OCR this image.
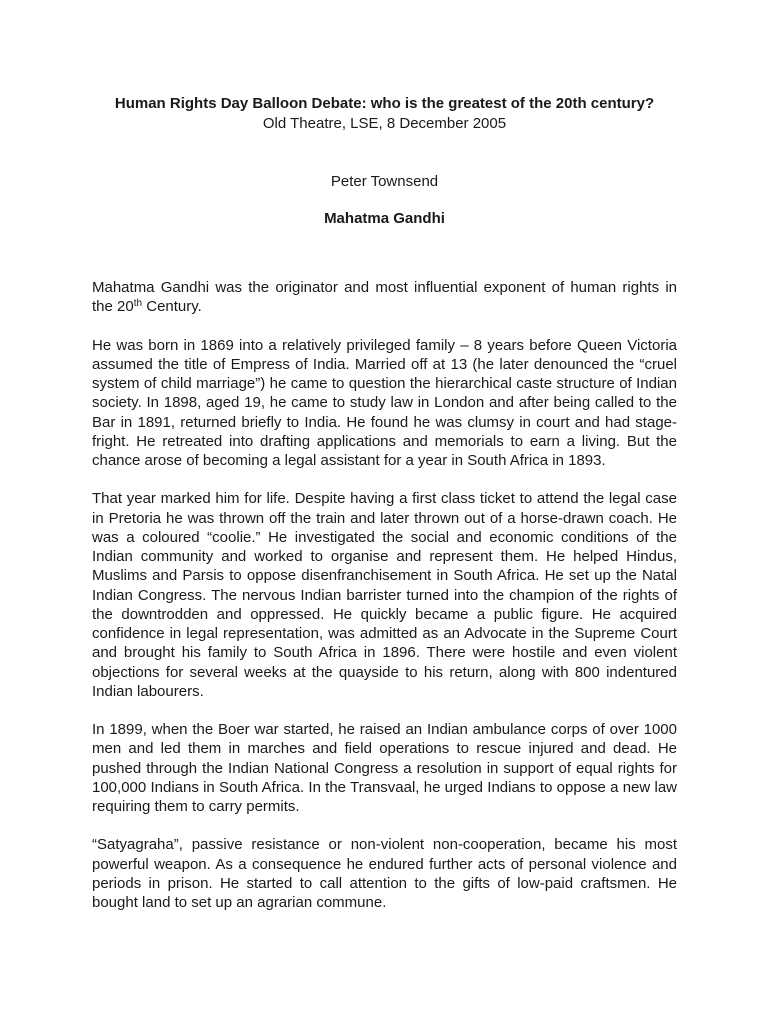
Human Rights Day Balloon Debate: who is the greatest of the 20th century?
Old Theatre, LSE, 8 December 2005
Peter Townsend
Mahatma Gandhi

Mahatma Gandhi was the originator and most influential exponent of human rights in the 20th Century.

He was born in 1869 into a relatively privileged family – 8 years before Queen Victoria assumed the title of Empress of India. Married off at 13 (he later denounced the “cruel system of child marriage”) he came to question the hierarchical caste structure of Indian society. In 1898, aged 19, he came to study law in London and after being called to the Bar in 1891, returned briefly to India. He found he was clumsy in court and had stage-fright. He retreated into drafting applications and memorials to earn a living. But the chance arose of becoming a legal assistant for a year in South Africa in 1893.

That year marked him for life. Despite having a first class ticket to attend the legal case in Pretoria he was thrown off the train and later thrown out of a horse-drawn coach. He was a coloured “coolie.” He investigated the social and economic conditions of the Indian community and worked to organise and represent them. He helped Hindus, Muslims and Parsis to oppose disenfranchisement in South Africa. He set up the Natal Indian Congress. The nervous Indian barrister turned into the champion of the rights of the downtrodden and oppressed. He quickly became a public figure. He acquired confidence in legal representation, was admitted as an Advocate in the Supreme Court and brought his family to South Africa in 1896. There were hostile and even violent objections for several weeks at the quayside to his return, along with 800 indentured Indian labourers.

In 1899, when the Boer war started, he raised an Indian ambulance corps of over 1000 men and led them in marches and field operations to rescue injured and dead. He pushed through the Indian National Congress a resolution in support of equal rights for 100,000 Indians in South Africa. In the Transvaal, he urged Indians to oppose a new law requiring them to carry permits.

“Satyagraha”, passive resistance or non-violent non-cooperation, became his most powerful weapon. As a consequence he endured further acts of personal violence and periods in prison. He started to call attention to the gifts of low-paid craftsmen. He bought land to set up an agrarian commune.
